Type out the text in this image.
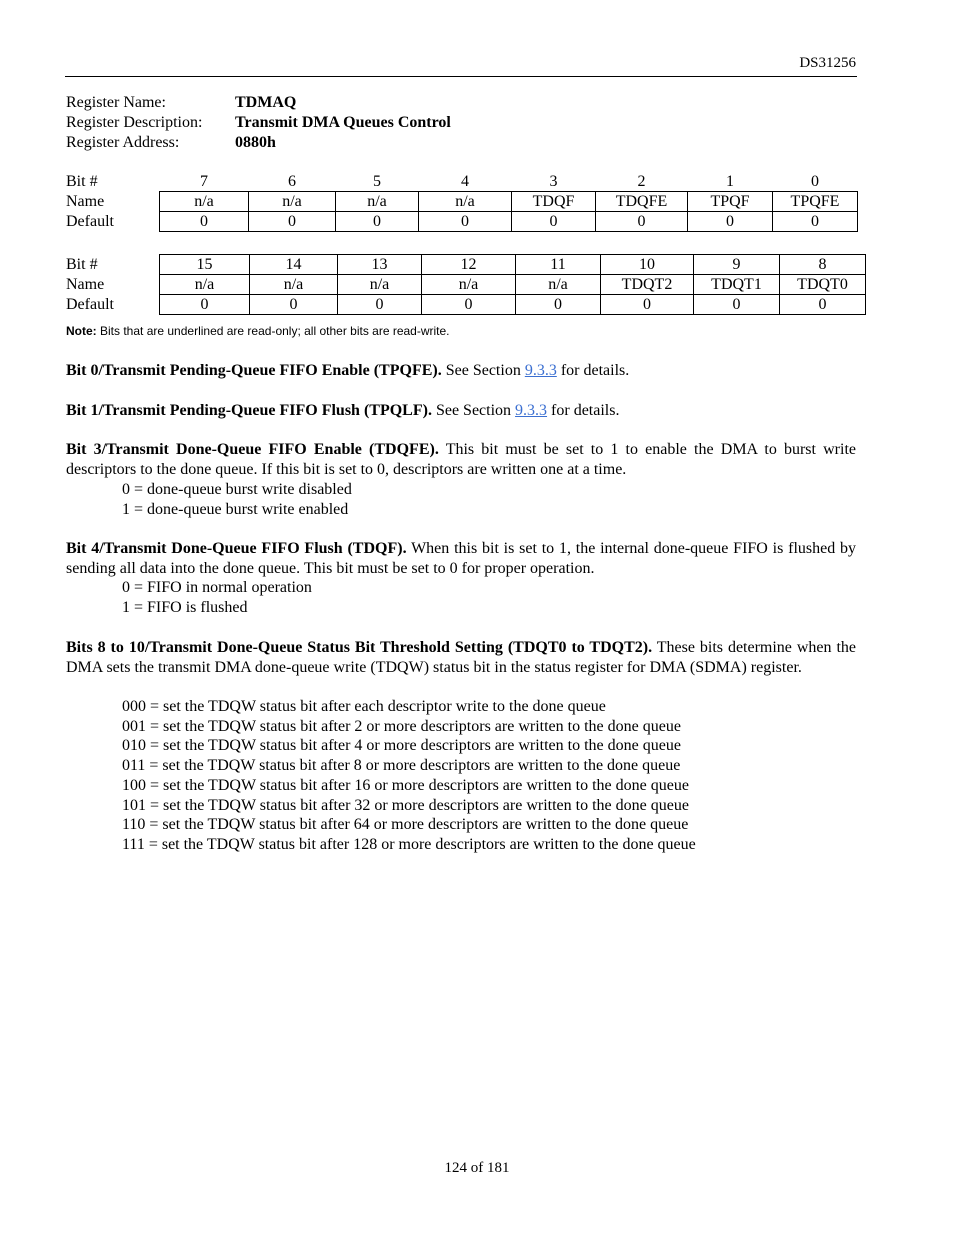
DS31256
Register Name:	TDMAQ
Register Description:	Transmit DMA Queues Control
Register Address:	0880h
Bit #	7	6	5	4	3	2	1	0
Name	n/a	n/a	n/a	n/a	TDQF	TDQFE	TPQF	TPQFE
Default	0	0	0	0	0	0	0	0
Bit #	15	14	13	12	11	10	9	8
Name	n/a	n/a	n/a	n/a	n/a	TDQT2	TDQT1	TDQT0
Default	0	0	0	0	0	0	0	0
Note: Bits that are underlined are read-only; all other bits are read-write.
Bit 0/Transmit Pending-Queue FIFO Enable (TPQFE). See Section 9.3.3 for details.
Bit 1/Transmit Pending-Queue FIFO Flush (TPQLF). See Section 9.3.3 for details.
Bit 3/Transmit Done-Queue FIFO Enable (TDQFE). This bit must be set to 1 to enable the DMA to burst write descriptors to the done queue. If this bit is set to 0, descriptors are written one at a time.
0 = done-queue burst write disabled
1 = done-queue burst write enabled
Bit 4/Transmit Done-Queue FIFO Flush (TDQF). When this bit is set to 1, the internal done-queue FIFO is flushed by sending all data into the done queue. This bit must be set to 0 for proper operation.
0 = FIFO in normal operation
1 = FIFO is flushed
Bits 8 to 10/Transmit Done-Queue Status Bit Threshold Setting (TDQT0 to TDQT2). These bits determine when the DMA sets the transmit DMA done-queue write (TDQW) status bit in the status register for DMA (SDMA) register.
000 = set the TDQW status bit after each descriptor write to the done queue
001 = set the TDQW status bit after 2 or more descriptors are written to the done queue
010 = set the TDQW status bit after 4 or more descriptors are written to the done queue
011 = set the TDQW status bit after 8 or more descriptors are written to the done queue
100 = set the TDQW status bit after 16 or more descriptors are written to the done queue
101 = set the TDQW status bit after 32 or more descriptors are written to the done queue
110 = set the TDQW status bit after 64 or more descriptors are written to the done queue
111 = set the TDQW status bit after 128 or more descriptors are written to the done queue
124 of 181
